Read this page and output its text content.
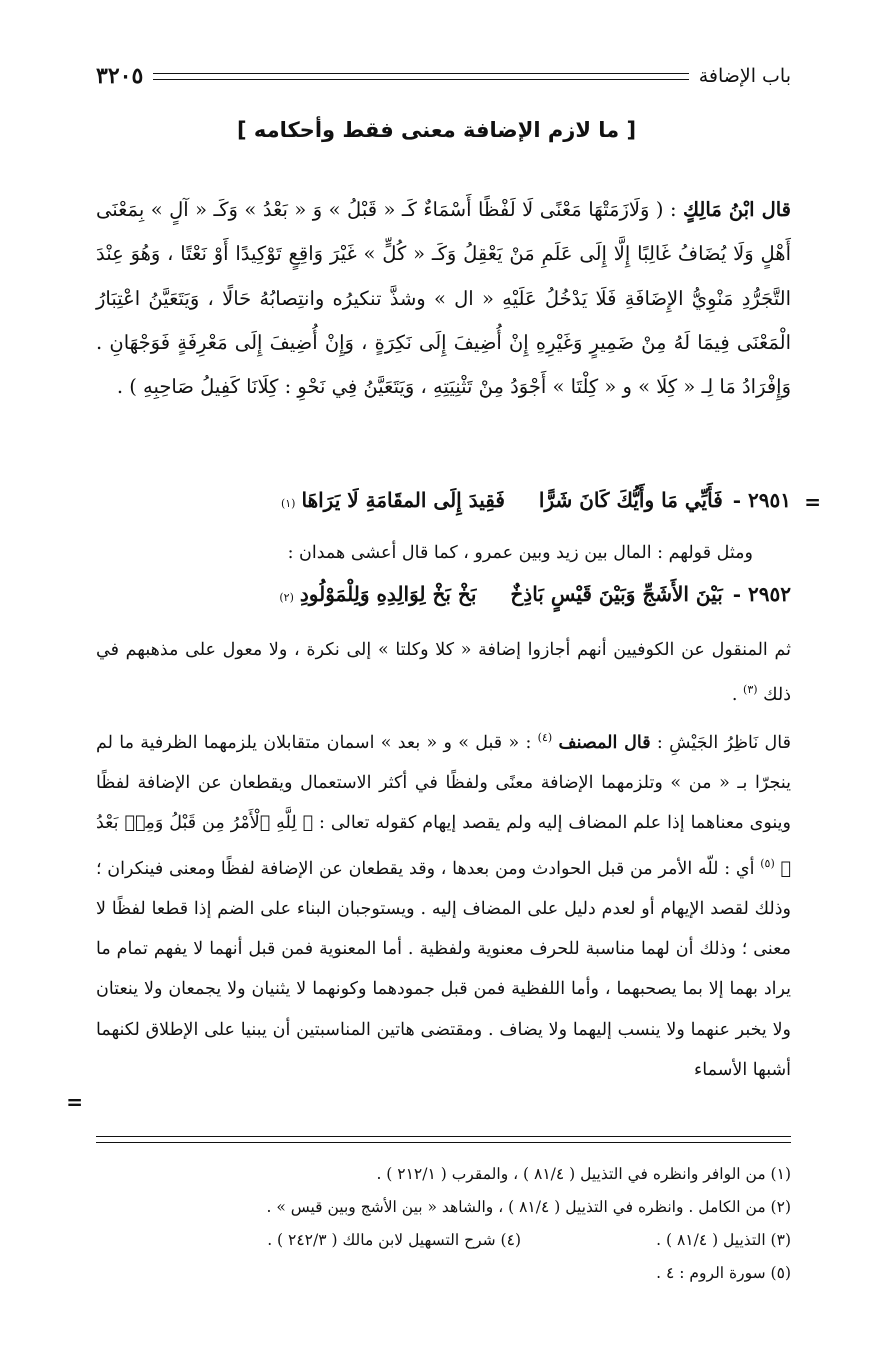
باب الإضافة
٣٢٠٥
[ ما لازم الإضافة معنى فقط وأحكامه ]
قال ابْنُ مَالِكٍ : ( وَلَازَمَتْهَا مَعْنًى لَا لَفْظًا أَسْمَاءٌ كَـ « قَبْلُ » وَ « بَعْدُ » وَكَـ « آلٍ » بِمَعْنَى أَهْلٍ وَلَا يُضَافُ غَالِبًا إِلَّا إِلَى عَلَمِ مَنْ يَعْقِلُ وَكَـ « كُلٍّ » غَيْرَ وَاقِعٍ تَوْكِيدًا أَوْ نَعْتًا ، وَهُوَ عِنْدَ التَّجَرُّدِ مَنْوِيُّ الإِضَافَةِ فَلَا يَدْخُلُ عَلَيْهِ « ال » وشذَّ تنكيرُه وانتِصابُهُ حَالًا ، وَيَتَعَيَّنُ اعْتِبَارُ الْمَعْنَى فِيمَا لَهُ مِنْ ضَمِيرٍ وَغَيْرِهِ إِنْ أُضِيفَ إِلَى نَكِرَةٍ ، وَإِنْ أُضِيفَ إِلَى مَعْرِفَةٍ فَوَجْهَانِ . وَإِفْرَادُ مَا لِـ « كِلَا » و « كِلْتَا » أَجْوَدُ مِنْ تَثْنِيَتِهِ ، وَيَتَعَيَّنُ فِي نَحْوِ : كِلَانَا كَفِيلُ صَاحِبِهِ ) .
=
٢٩٥١ -
فَأَيِّي مَا وأَيُّكَ كَانَ شَرًّا
فَقِيدَ إِلَى المقَامَةِ لَا يَرَاهَا
(١)
ومثل قولهم : المال بين زيد وبين عمرو ، كما قال أعشى همدان :
٢٩٥٢ -
بَيْنَ الأَشَجِّ وَبَيْنَ قَيْسٍ بَاذِخٌ
بَخْ بَخْ لِوَالِدِهِ وَلِلْمَوْلُودِ
(٢)
ثم المنقول عن الكوفيين أنهم أجازوا إضافة « كلا وكلتا » إلى نكرة ، ولا معول على مذهبهم في ذلك $^{(٣)}$ .
قال نَاظِرُ الجَيْشِ : قال المصنف $^{(٤)}$ : « قبل » و « بعد » اسمان متقابلان يلزمهما الظرفية ما لم ينجرّا بـ « من » وتلزمهما الإضافة معنًى ولفظًا في أكثر الاستعمال ويقطعان عن الإضافة لفظًا وينوى معناهما إذا علم المضاف إليه ولم يقصد إيهام كقوله تعالى : ﴿ لِلَّهِ ٱلْأَمْرُ مِن قَبْلُ وَمِنۢ بَعْدُ ﴾ $^{(٥)}$ أي : للّه الأمر من قبل الحوادث ومن بعدها ، وقد يقطعان عن الإضافة لفظًا ومعنى فينكران ؛ وذلك لقصد الإيهام أو لعدم دليل على المضاف إليه . ويستوجبان البناء على الضم إذا قطعا لفظًا لا معنى ؛ وذلك أن لهما مناسبة للحرف معنوية ولفظية . أما المعنوية فمن قبل أنهما لا يفهم تمام ما يراد بهما إلا بما يصحبهما ، وأما اللفظية فمن قبل جمودهما وكونهما لا يثنيان ولا يجمعان ولا ينعتان ولا يخبر عنهما ولا ينسب إليهما ولا يضاف . ومقتضى هاتين المناسبتين أن يبنيا على الإطلاق لكنهما أشبها الأسماء
=
(١) من الوافر وانظره في التذييل ( ٨١/٤ ) ، والمقرب ( ٢١٢/١ ) .
(٢) من الكامل . وانظره في التذييل ( ٨١/٤ ) ، والشاهد « بين الأشج وبين قيس » .
(٣) التذييل ( ٨١/٤ ) .
(٤) شرح التسهيل لابن مالك ( ٢٤٢/٣ ) .
(٥) سورة الروم : ٤ .
